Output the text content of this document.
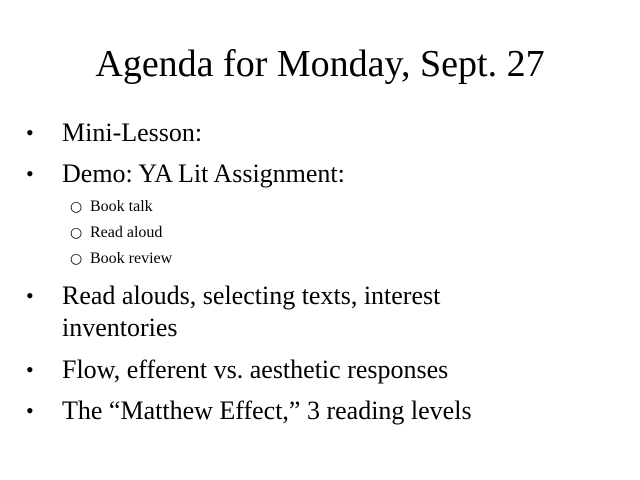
Agenda for Monday, Sept. 27
•	Mini-Lesson:
•	Demo: YA Lit Assignment:
○ Book talk
○ Read aloud
○ Book review
•	Read alouds, selecting texts, interest inventories
•	Flow, efferent vs. aesthetic responses
•	The “Matthew Effect,” 3 reading levels
